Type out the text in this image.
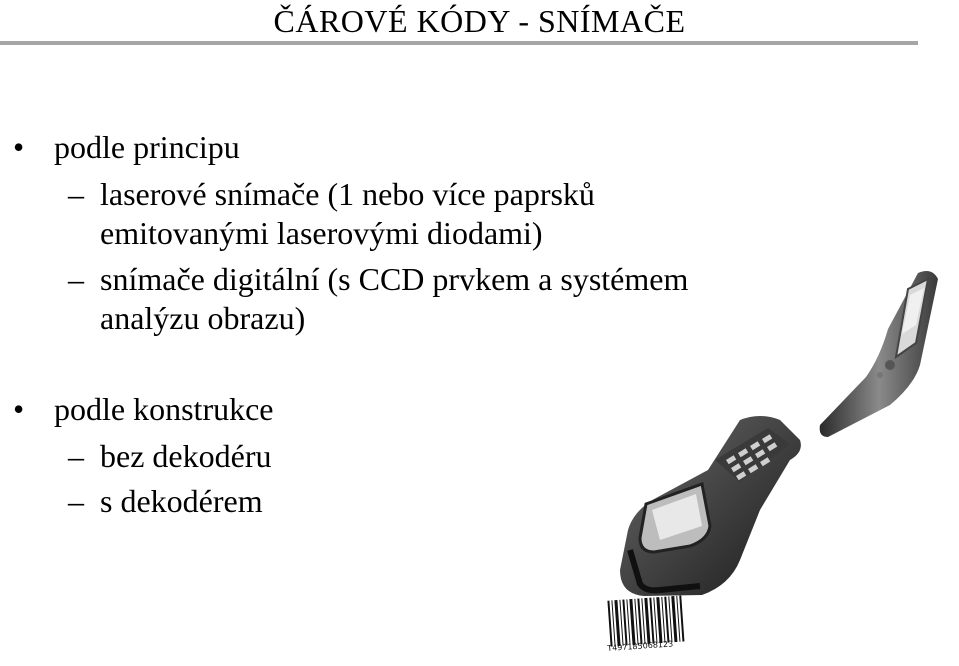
ČÁROVÉ KÓDY - SNÍMAČE
• podle principu
– laserové snímače (1 nebo více paprsků
emitovanými laserovými diodami)
– snímače digitální (s CCD prvkem a systémem
analýzu obrazu)
• podle konstrukce
– bez dekodéru
– s dekodérem
T497185068123
